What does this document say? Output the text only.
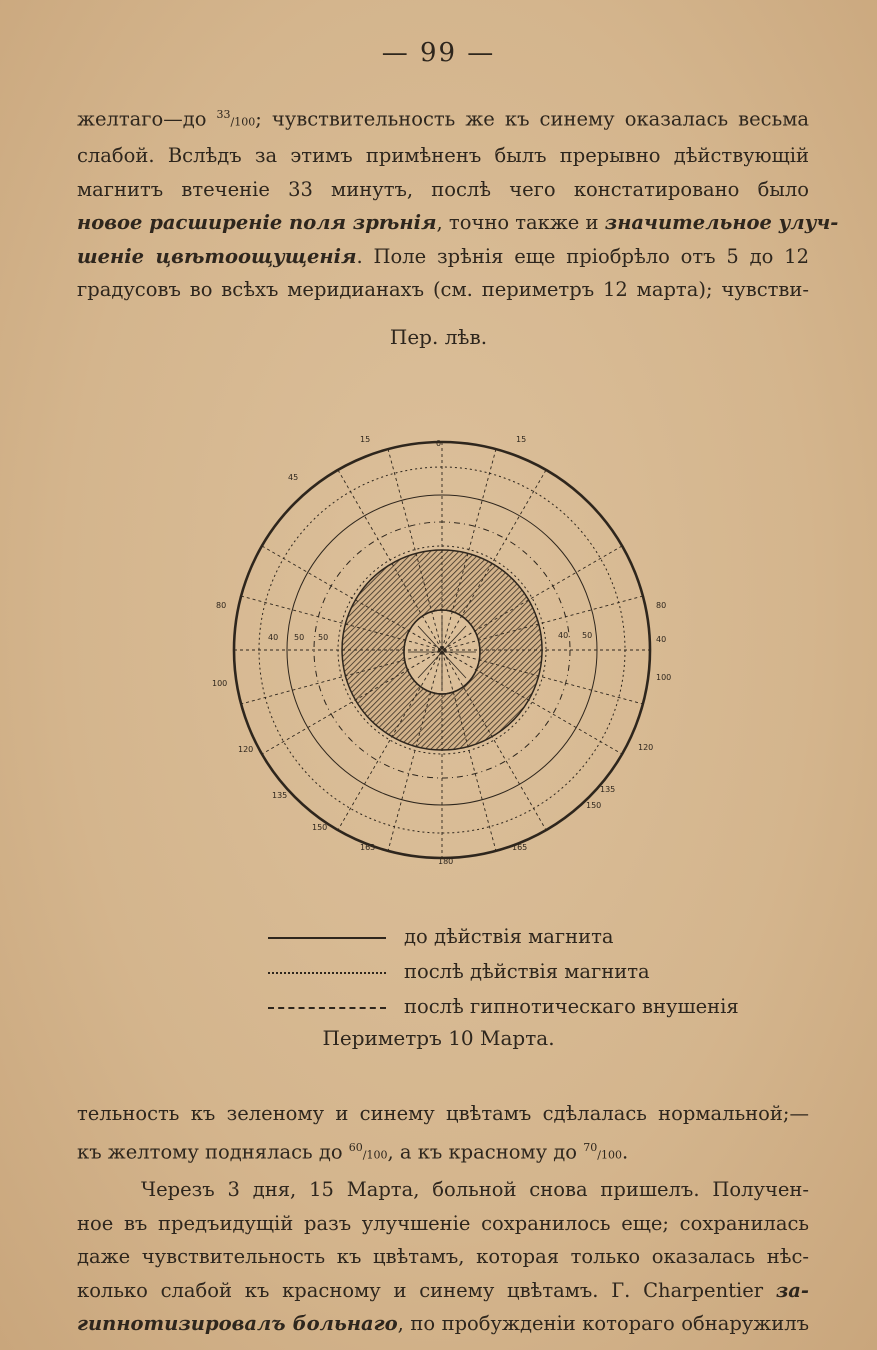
— 99 —
желтаго—до $^{33}$/100; чувствительность же къ синему оказалась весьма
слабой. Вслѣдъ за этимъ примѣненъ былъ прерывно дѣйствующiй
магнитъ втеченiе 33 минутъ, послѣ чего констатировано было
новое расширенiе поля зрѣнiя, точно также и значительное улуч-
шенiе цвѣтоощущенiя. Поле зрѣнiя еще прiобрѣло отъ 5 до 12
градусовъ во всѣхъ меридианахъ (см. периметръ 12 марта); чувстви-
Пер. лѣв.
15	0	15
45
80
100
120
135
150
165
180
80
40 50	40
100
120
135
150
165
50 50
40
до дѣйствiя магнита
послѣ дѣйствiя магнита
послѣ гипнотическаго внушенiя
Периметръ 10 Марта.
тельность къ зеленому и синему цвѣтамъ сдѣлалась нормальной;—
къ желтому поднялась до $^{60}$/100, а къ красному до $^{70}$/100.
Черезъ 3 дня, 15 Марта, больной снова пришелъ. Получен-
ное въ предъидущiй разъ улучшенiе сохранилось еще; сохранилась
даже чувствительность къ цвѣтамъ, которая только оказалась нѣс-
колько слабой къ красному и синему цвѣтамъ. Г. Charpentier за-
гипнотизировалъ больнаго, по пробужденiи котораго обнаружилъ
